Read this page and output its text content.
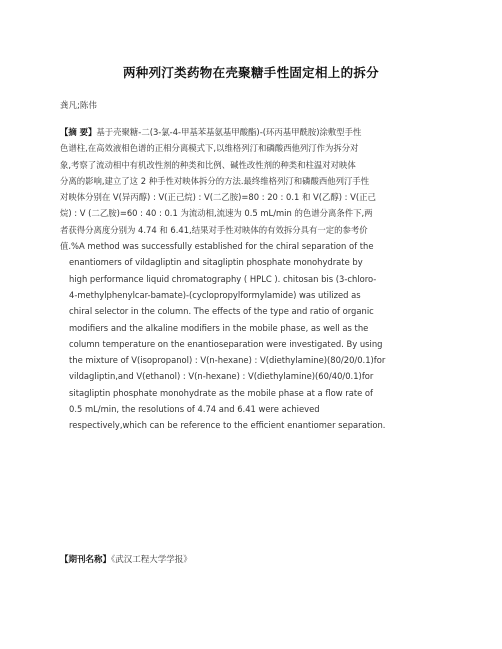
两种列汀类药物在壳聚糖手性固定相上的拆分
龚凡;陈伟
【摘 要】基于壳聚糖-二(3-氯-4-甲基苯基氨基甲酸酯)-(环丙基甲酰胺)涂敷型手性
色谱柱,在高效液相色谱的正相分离模式下,以维格列汀和磷酸西他列汀作为拆分对
象,考察了流动相中有机改性剂的种类和比例、碱性改性剂的种类和柱温对对映体
分离的影响,建立了这 2 种手性对映体拆分的方法.最终维格列汀和磷酸西他列汀手性
对映体分别在 V(异丙醇) : V(正己烷) : V(二乙胺)=80 : 20 : 0.1 和 V(乙醇) : V(正己
烷) : V (二乙胺)=60 : 40 : 0.1 为流动相,流速为 0.5 mL/min 的色谱分离条件下,两
者获得分离度分别为 4.74 和 6.41,结果对手性对映体的有效拆分具有一定的参考价
值.%A method was successfully established for the chiral separation of the
enantiomers of vildagliptin and sitagliptin phosphate monohydrate by
high performance liquid chromatography ( HPLC ). chitosan bis (3-chloro-
4-methylphenylcar-bamate)-(cyclopropylformylamide) was utilized as
chiral selector in the column. The effects of the type and ratio of organic
modifiers and the alkaline modifiers in the mobile phase, as well as the
column temperature on the enantioseparation were investigated. By using
the mixture of V(isopropanol) : V(n-hexane) : V(diethylamine)(80/20/0.1)for
vildagliptin,and V(ethanol) : V(n-hexane) : V(diethylamine)(60/40/0.1)for
sitagliptin phosphate monohydrate as the mobile phase at a flow rate of
0.5 mL/min, the resolutions of 4.74 and 6.41 were achieved
respectively,which can be reference to the efficient enantiomer separation.
【期刊名称】《武汉工程大学学报》
